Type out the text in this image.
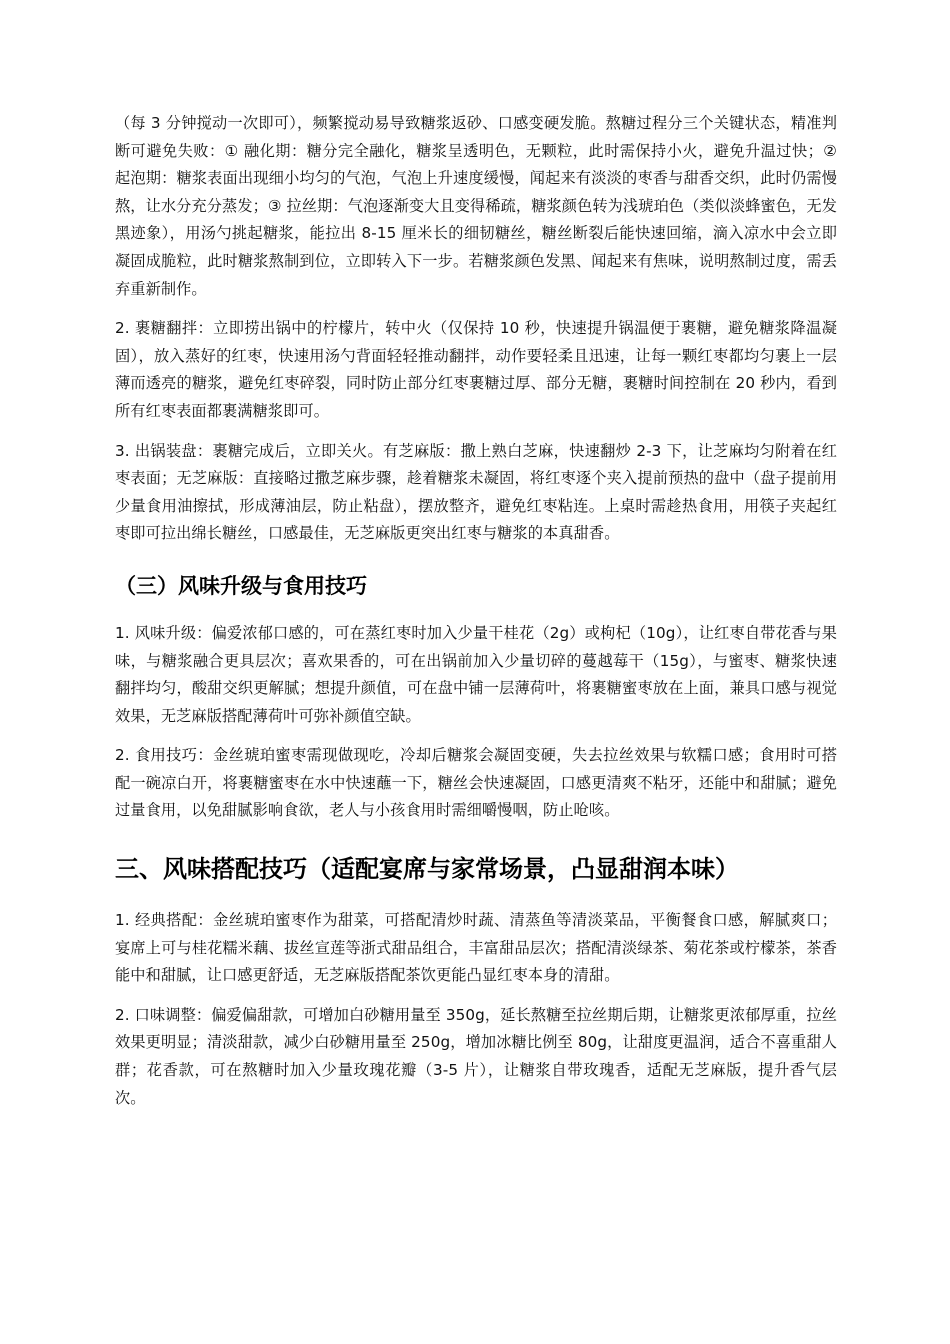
（每 3 分钟搅动一次即可），频繁搅动易导致糖浆返砂、口感变硬发脆。熬糖过程分三个关键状态，精准判断可避免失败：① 融化期：糖分完全融化，糖浆呈透明色，无颗粒，此时需保持小火，避免升温过快；② 起泡期：糖浆表面出现细小均匀的气泡，气泡上升速度缓慢，闻起来有淡淡的枣香与甜香交织，此时仍需慢熬，让水分充分蒸发；③ 拉丝期：气泡逐渐变大且变得稀疏，糖浆颜色转为浅琥珀色（类似淡蜂蜜色，无发黑迹象），用汤勺挑起糖浆，能拉出 8-15 厘米长的细韧糖丝，糖丝断裂后能快速回缩，滴入凉水中会立即凝固成脆粒，此时糖浆熬制到位，立即转入下一步。若糖浆颜色发黑、闻起来有焦味，说明熬制过度，需丢弃重新制作。

2. 裹糖翻拌：立即捞出锅中的柠檬片，转中火（仅保持 10 秒，快速提升锅温便于裹糖，避免糖浆降温凝固），放入蒸好的红枣，快速用汤勺背面轻轻推动翻拌，动作要轻柔且迅速，让每一颗红枣都均匀裹上一层薄而透亮的糖浆，避免红枣碎裂，同时防止部分红枣裹糖过厚、部分无糖，裹糖时间控制在 20 秒内，看到所有红枣表面都裹满糖浆即可。

3. 出锅装盘：裹糖完成后，立即关火。有芝麻版：撒上熟白芝麻，快速翻炒 2-3 下，让芝麻均匀附着在红枣表面；无芝麻版：直接略过撒芝麻步骤，趁着糖浆未凝固，将红枣逐个夹入提前预热的盘中（盘子提前用少量食用油擦拭，形成薄油层，防止粘盘），摆放整齐，避免红枣粘连。上桌时需趁热食用，用筷子夹起红枣即可拉出绵长糖丝，口感最佳，无芝麻版更突出红枣与糖浆的本真甜香。

（三）风味升级与食用技巧

1. 风味升级：偏爱浓郁口感的，可在蒸红枣时加入少量干桂花（2g）或枸杞（10g），让红枣自带花香与果味，与糖浆融合更具层次；喜欢果香的，可在出锅前加入少量切碎的蔓越莓干（15g），与蜜枣、糖浆快速翻拌均匀，酸甜交织更解腻；想提升颜值，可在盘中铺一层薄荷叶，将裹糖蜜枣放在上面，兼具口感与视觉效果，无芝麻版搭配薄荷叶可弥补颜值空缺。

2. 食用技巧：金丝琥珀蜜枣需现做现吃，冷却后糖浆会凝固变硬，失去拉丝效果与软糯口感；食用时可搭配一碗凉白开，将裹糖蜜枣在水中快速蘸一下，糖丝会快速凝固，口感更清爽不粘牙，还能中和甜腻；避免过量食用，以免甜腻影响食欲，老人与小孩食用时需细嚼慢咽，防止呛咳。

三、风味搭配技巧（适配宴席与家常场景，凸显甜润本味）

1. 经典搭配：金丝琥珀蜜枣作为甜菜，可搭配清炒时蔬、清蒸鱼等清淡菜品，平衡餐食口感，解腻爽口；宴席上可与桂花糯米藕、拔丝宣莲等浙式甜品组合，丰富甜品层次；搭配清淡绿茶、菊花茶或柠檬茶，茶香能中和甜腻，让口感更舒适，无芝麻版搭配茶饮更能凸显红枣本身的清甜。

2. 口味调整：偏爱偏甜款，可增加白砂糖用量至 350g，延长熬糖至拉丝期后期，让糖浆更浓郁厚重，拉丝效果更明显；清淡甜款，减少白砂糖用量至 250g，增加冰糖比例至 80g，让甜度更温润，适合不喜重甜人群；花香款，可在熬糖时加入少量玫瑰花瓣（3-5 片），让糖浆自带玫瑰香，适配无芝麻版，提升香气层次。
